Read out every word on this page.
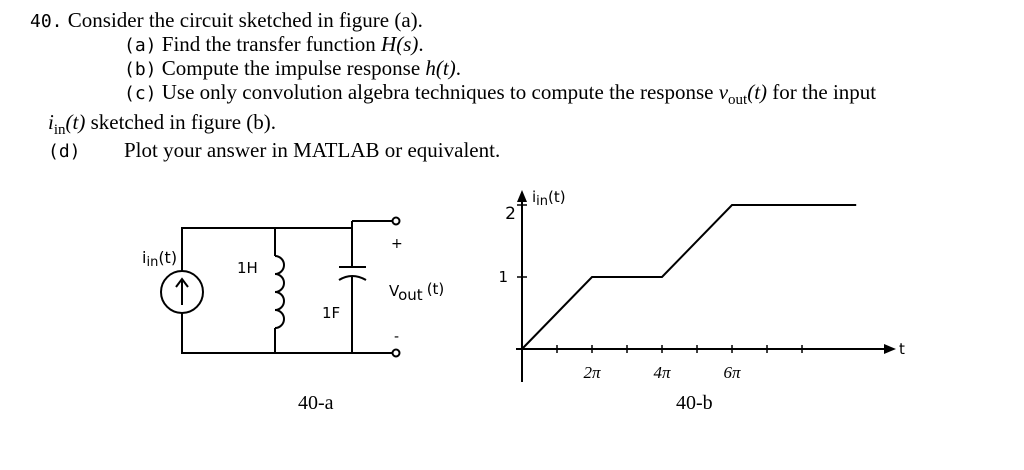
40. Consider the circuit sketched in figure (a).
(a) Find the transfer function H(s).
(b) Compute the impulse response h(t).
(c) Use only convolution algebra techniques to compute the response $v_{out}(t)$ for the input
$i_{in}(t)$ sketched in figure (b).
(d) Plot your answer in MATLAB or equivalent.
iin(t)
1H
1F
+
-
Vout (t)
2π	4π	6π
1
2
iin(t)
t
40-a	40-b
